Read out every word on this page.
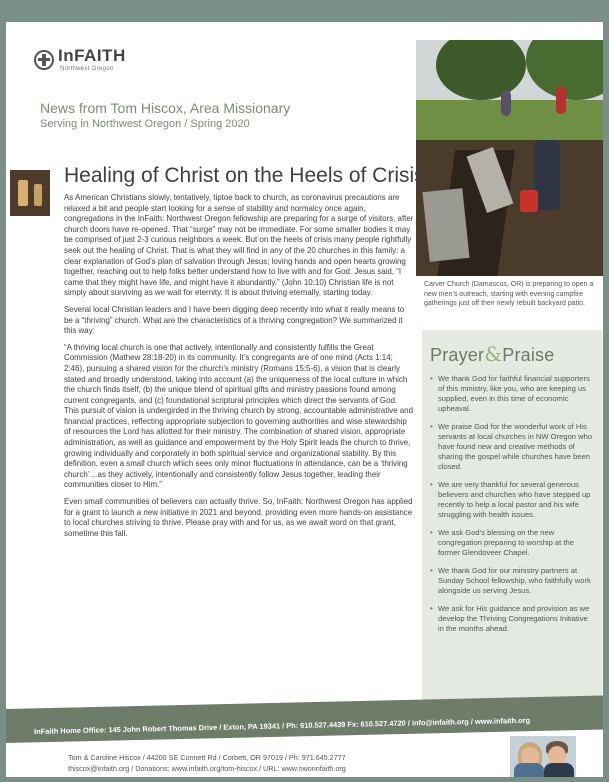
InFAITH
Northwest Oregon
News from Tom Hiscox, Area Missionary
Serving in Northwest Oregon / Spring 2020
Carver Church (Damascus, OR) is preparing to open a new men’s outreach, starting with evening campfire gatherings just off their newly rebuilt backyard patio.
Healing of Christ on the Heels of Crisis

As American Christians slowly, tentatively, tiptoe back to church, as coronavirus precautions are relaxed a bit and people start looking for a sense of stability and normalcy once again, congregations in the InFaith: Northwest Oregon fellowship are preparing for a surge of visitors, after church doors have re-opened. That “surge” may not be immediate. For some smaller bodies it may be comprised of just 2-3 curious neighbors a week. But on the heels of crisis many people rightfully seek out the healing of Christ. That is what they will find in any of the 20 churches in this family: a clear explanation of God’s plan of salvation through Jesus; loving hands and open hearts growing together, reaching out to help folks better understand how to live with and for God. Jesus said, “I came that they might have life, and might have it abundantly.” (John 10:10) Christian life is not simply about surviving as we wait for eternity. It is about thriving eternally, starting today.

Several local Christian leaders and I have been digging deep recently into what it really means to be a “thriving” church. What are the characteristics of a thriving congregation? We summarized it this way:

“A thriving local church is one that actively, intentionally and consistently fulfills the Great Commission (Mathew 28:18-20) in its community. It’s congregants are of one mind (Acts 1:14; 2:46), pursuing a shared vision for the church’s ministry (Romans 15:5-6), a vision that is clearly stated and broadly understood, taking into account (a) the uniqueness of the local culture in which the church finds itself, (b) the unique blend of spiritual gifts and ministry passions found among current congregants, and (c) foundational scriptural principles which direct the servants of God. This pursuit of vision is undergirded in the thriving church by strong, accountable administrative and financial practices, reflecting appropriate subjection to governing authorities and wise stewardship of resources the Lord has allotted for their ministry. The combination of shared vision, appropriate administration, as well as guidance and empowerment by the Holy Spirit leads the church to thrive, growing individually and corporately in both spiritual service and organizational stability. By this definition, even a small church which sees only minor fluctuations in attendance, can be a ‘thriving church’…as they actively, intentionally and consistently follow Jesus together, leading their communities closer to Him.”

Even small communities of believers can actually thrive. So, InFaith: Northwest Oregon has applied for a grant to launch a new initiative in 2021 and beyond, providing even more hands-on assistance to local churches striving to thrive. Please pray with and for us, as we await word on that grant, sometime this fall.

Prayer&Praise
• We thank God for faithful financial supporters of this ministry, like you, who are keeping us supplied, even in this time of economic upheaval.
• We praise God for the wonderful work of His servants at local churches in NW Oregon who have found new and creative methods of sharing the gospel while churches have been closed.
• We are very thankful for several generous believers and churches who have stepped up recently to help a local pastor and his wife struggling with health issues.
• We ask God’s blessing on the new congregation preparing to worship at the former Glendoveer Chapel.
• We thank God for our ministry partners at Sunday School fellowship, who faithfully work alongside us serving Jesus.
• We ask for His guidance and provision as we develop the Thriving Congregations Initiative in the months ahead.
InFaith Home Office: 145 John Robert Thomas Drive / Exton, PA 19341 / Ph: 610.527.4439 Fx: 610.527.4720 / info@infaith.org / www.infaith.org
Tom & Caroline Hiscox / 44200 SE Connett Rd / Corbett, OR 97019 / Ph: 971.645.2777
thiscox@infaith.org / Donations: www.infaith.org/tom-hiscox / URL: www.nworinfaith.org
